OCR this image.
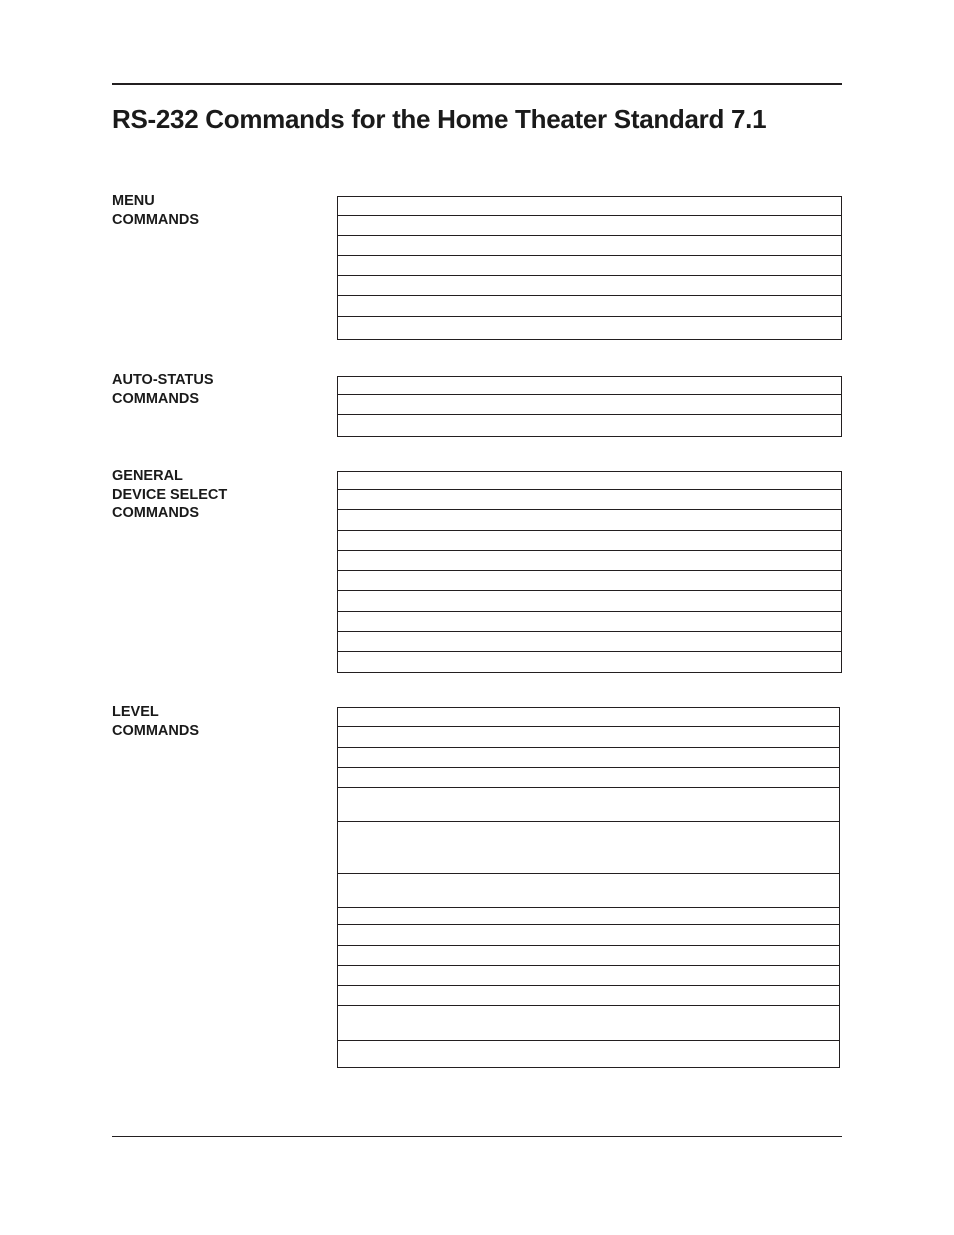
RS-232 Commands for the Home Theater Standard 7.1
MENU
COMMANDS

AUTO-STATUS
COMMANDS

GENERAL
DEVICE SELECT
COMMANDS

LEVEL
COMMANDS
